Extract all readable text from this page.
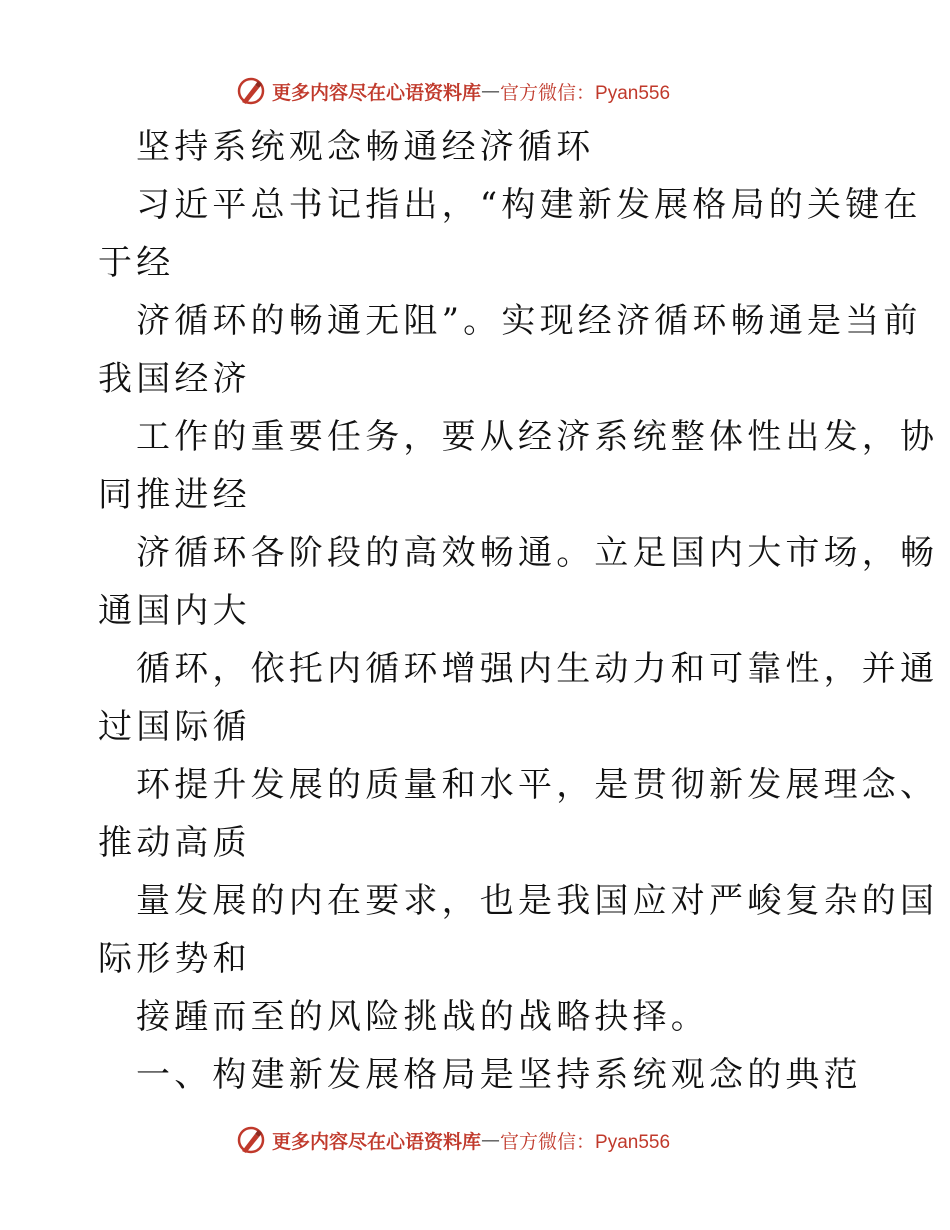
更多内容尽在心语资料库 — 官方微信：Pyan556
坚持系统观念畅通经济循环
习近平总书记指出，“构建新发展格局的关键在
于经
济循环的畅通无阻”。实现经济循环畅通是当前
我国经济
工作的重要任务，要从经济系统整体性出发，协
同推进经
济循环各阶段的高效畅通。立足国内大市场，畅
通国内大
循环，依托内循环增强内生动力和可靠性，并通
过国际循
环提升发展的质量和水平，是贯彻新发展理念、
推动高质
量发展的内在要求，也是我国应对严峻复杂的国
际形势和
接踵而至的风险挑战的战略抉择。
一、构建新发展格局是坚持系统观念的典范
更多内容尽在心语资料库 — 官方微信：Pyan556
